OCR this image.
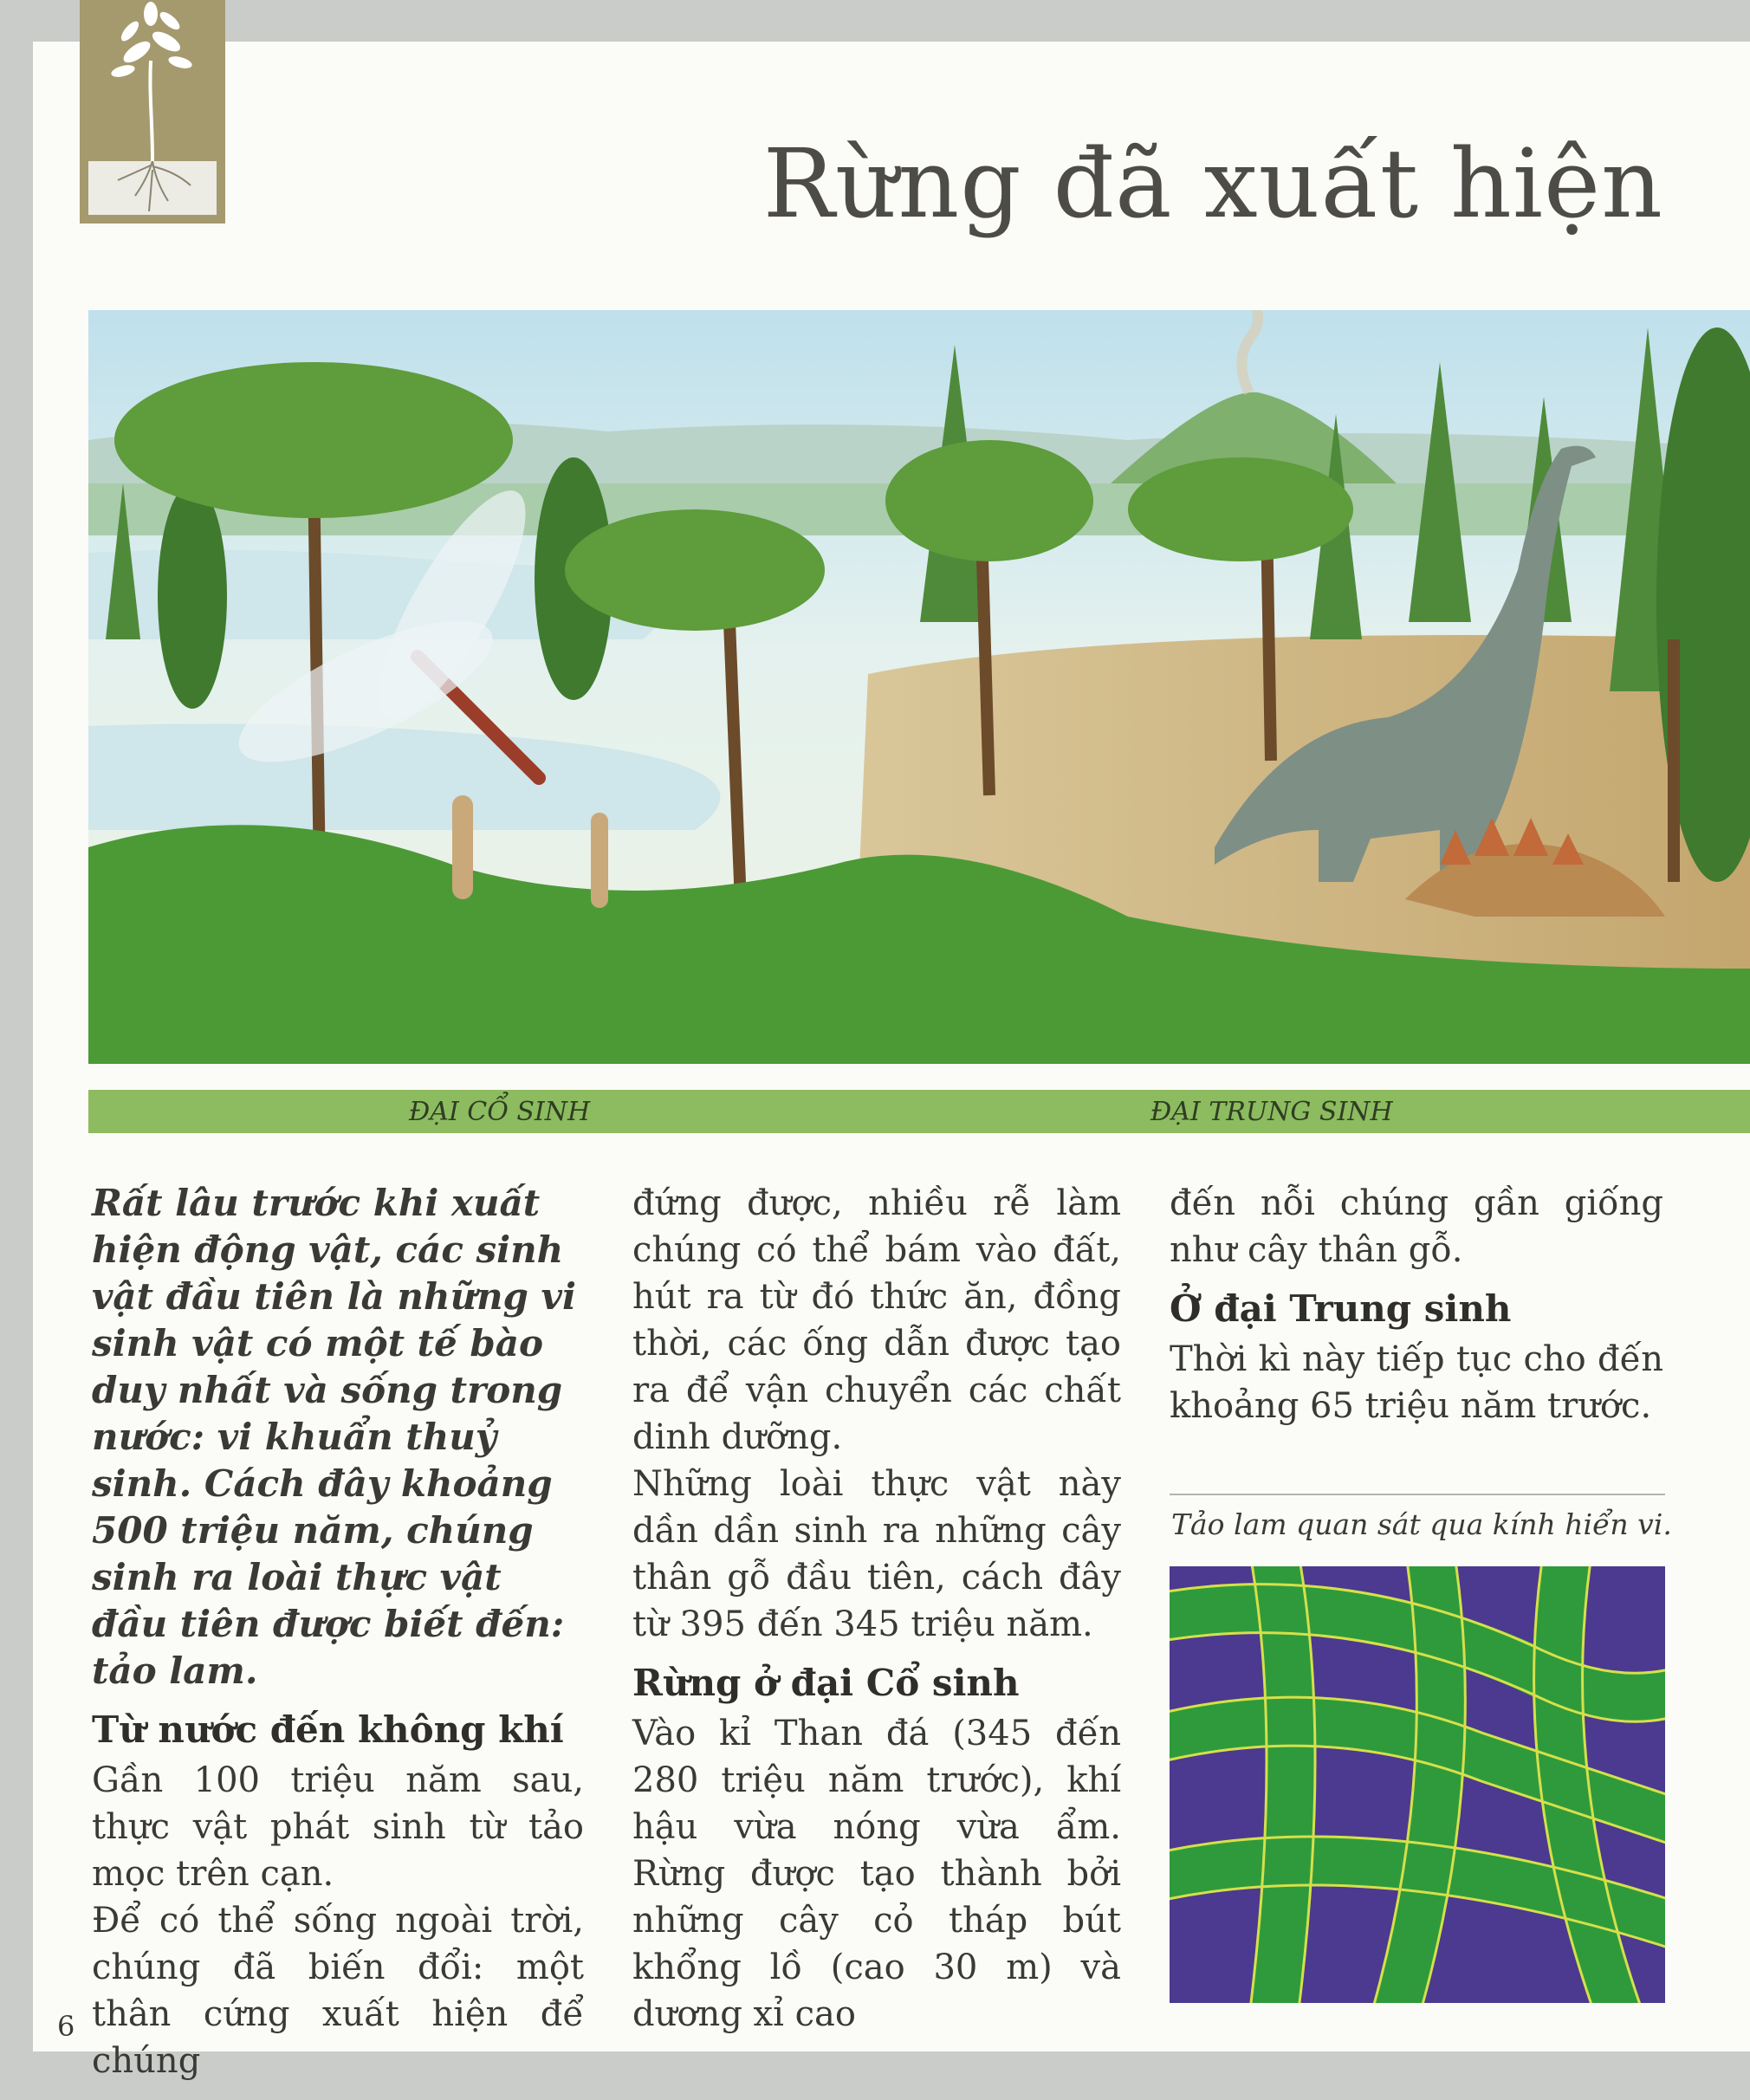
Rừng đã xuất hiện
ĐẠI CỔ SINH	ĐẠI TRUNG SINH

Rất lâu trước khi xuất hiện động vật, các sinh vật đầu tiên là những vi sinh vật có một tế bào duy nhất và sống trong nước: vi khuẩn thuỷ sinh. Cách đây khoảng 500 triệu năm, chúng sinh ra loài thực vật đầu tiên được biết đến: tảo lam.

Từ nước đến không khí

Gần 100 triệu năm sau, thực vật phát sinh từ tảo mọc trên cạn.

Để có thể sống ngoài trời, chúng đã biến đổi: một thân cứng xuất hiện để chúng

đứng được, nhiều rễ làm chúng có thể bám vào đất, hút ra từ đó thức ăn, đồng thời, các ống dẫn được tạo ra để vận chuyển các chất dinh dưỡng.

Những loài thực vật này dần dần sinh ra những cây thân gỗ đầu tiên, cách đây từ 395 đến 345 triệu năm.

Rừng ở đại Cổ sinh

Vào kỉ Than đá (345 đến 280 triệu năm trước), khí hậu vừa nóng vừa ẩm. Rừng được tạo thành bởi những cây cỏ tháp bút khổng lồ (cao 30 m) và dương xỉ cao

đến nỗi chúng gần giống như cây thân gỗ.

Ở đại Trung sinh

Thời kì này tiếp tục cho đến khoảng 65 triệu năm trước.

Tảo lam quan sát qua kính hiển vi.
6
